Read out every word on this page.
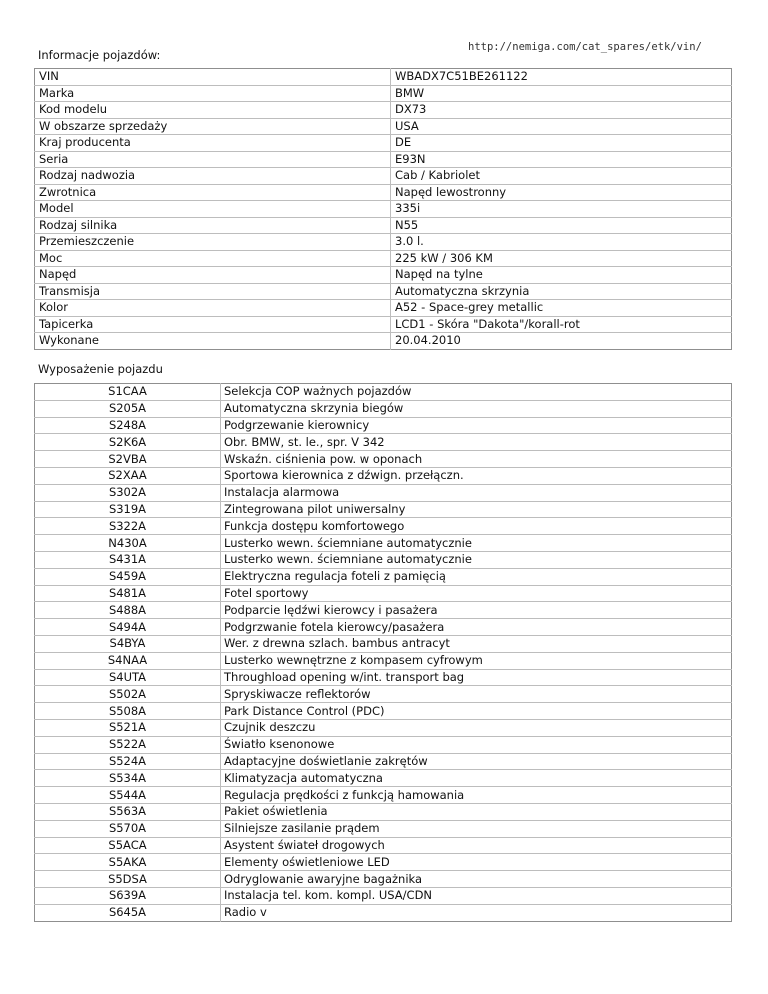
http://nemiga.com/cat_spares/etk/vin/
Informacje pojazdów:
VIN	WBADX7C51BE261122
Marka	BMW
Kod modelu	DX73
W obszarze sprzedaży	USA
Kraj producenta	DE
Seria	E93N
Rodzaj nadwozia	Cab / Kabriolet
Zwrotnica	Napęd lewostronny
Model	335i
Rodzaj silnika	N55
Przemieszczenie	3.0 l.
Moc	225 kW / 306 KM
Napęd	Napęd na tylne
Transmisja	Automatyczna skrzynia
Kolor	A52 - Space-grey metallic
Tapicerka	LCD1 - Skóra "Dakota"/korall-rot
Wykonane	20.04.2010
Wyposażenie pojazdu
S1CAA	Selekcja COP ważnych pojazdów
S205A	Automatyczna skrzynia biegów
S248A	Podgrzewanie kierownicy
S2K6A	Obr. BMW, st. le., spr. V 342
S2VBA	Wskaźn. ciśnienia pow. w oponach
S2XAA	Sportowa kierownica z dźwign. przełączn.
S302A	Instalacja alarmowa
S319A	Zintegrowana pilot uniwersalny
S322A	Funkcja dostępu komfortowego
N430A	Lusterko wewn. ściemniane automatycznie
S431A	Lusterko wewn. ściemniane automatycznie
S459A	Elektryczna regulacja foteli z pamięcią
S481A	Fotel sportowy
S488A	Podparcie lędźwi kierowcy i pasażera
S494A	Podgrzwanie fotela kierowcy/pasażera
S4BYA	Wer. z drewna szlach. bambus antracyt
S4NAA	Lusterko wewnętrzne z kompasem cyfrowym
S4UTA	Throughload opening w/int. transport bag
S502A	Spryskiwacze reflektorów
S508A	Park Distance Control (PDC)
S521A	Czujnik deszczu
S522A	Światło ksenonowe
S524A	Adaptacyjne doświetlanie zakrętów
S534A	Klimatyzacja automatyczna
S544A	Regulacja prędkości z funkcją hamowania
S563A	Pakiet oświetlenia
S570A	Silniejsze zasilanie prądem
S5ACA	Asystent świateł drogowych
S5AKA	Elementy oświetleniowe LED
S5DSA	Odryglowanie awaryjne bagażnika
S639A	Instalacja tel. kom. kompl. USA/CDN
S645A	Radio v
